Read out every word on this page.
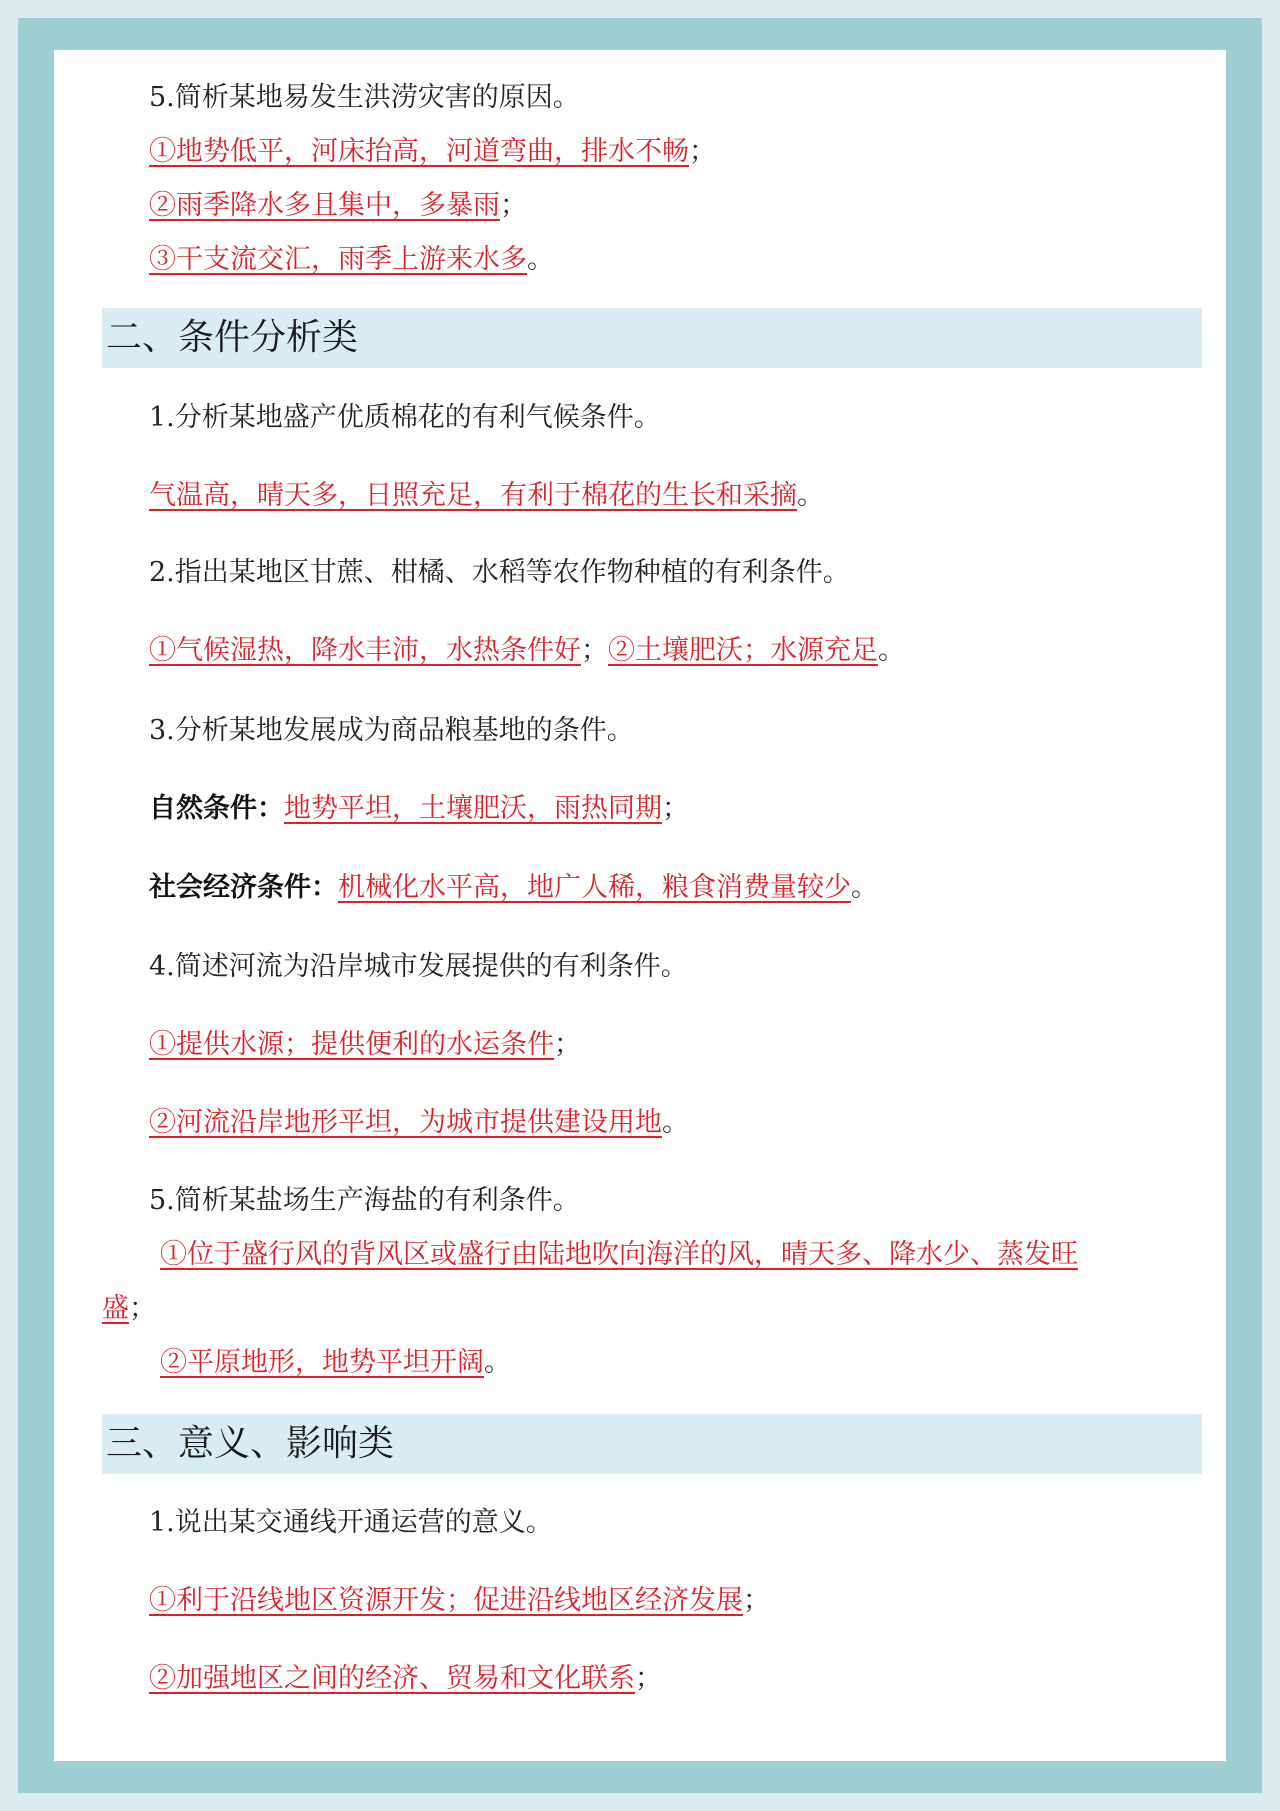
5.简析某地易发生洪涝灾害的原因。
①地势低平，河床抬高，河道弯曲，排水不畅；
②雨季降水多且集中，多暴雨；
③干支流交汇，雨季上游来水多。
二、条件分析类
1.分析某地盛产优质棉花的有利气候条件。
气温高，晴天多，日照充足，有利于棉花的生长和采摘。
2.指出某地区甘蔗、柑橘、水稻等农作物种植的有利条件。
①气候湿热，降水丰沛，水热条件好；②土壤肥沃；水源充足。
3.分析某地发展成为商品粮基地的条件。
自然条件：地势平坦，土壤肥沃，雨热同期；
社会经济条件：机械化水平高，地广人稀，粮食消费量较少。
4.简述河流为沿岸城市发展提供的有利条件。
①提供水源；提供便利的水运条件；
②河流沿岸地形平坦，为城市提供建设用地。
5.简析某盐场生产海盐的有利条件。
①位于盛行风的背风区或盛行由陆地吹向海洋的风，晴天多、降水少、蒸发旺
盛；
②平原地形，地势平坦开阔。
三、意义、影响类
1.说出某交通线开通运营的意义。
①利于沿线地区资源开发；促进沿线地区经济发展；
②加强地区之间的经济、贸易和文化联系；
